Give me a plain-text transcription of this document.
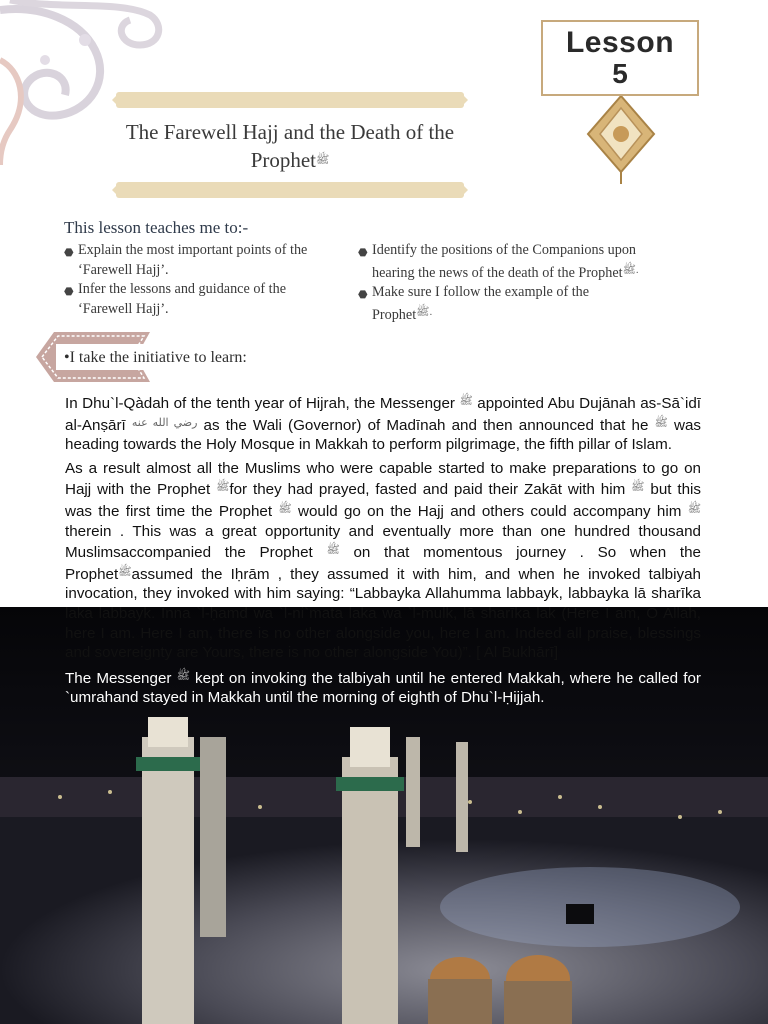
Lesson
5
The Farewell Hajj and the Death of the
Prophetﷺ
This lesson teaches me to:-
⬣ Explain the most important points of the
‘Farewell Hajj’.
⬣ Infer the lessons and guidance of the
‘Farewell Hajj’.
⬣ Identify the positions of the Companions upon
hearing the news of the death of the Prophet$^{ﷺ.}$
⬣ Make sure I follow the example of the
Prophet$^{ﷺ.}$
•I take the initiative to learn:

In Dhu`l-Qàdah of the tenth year of Hijrah, the Messenger $^ﷺ$ appointed Abu Dujānah as-Sā`idī al-Anṣārī $^{رضي الله عنه}$ as the Wali (Governor) of Madīnah and then announced that he $^ﷺ$ was heading towards the Holy Mosque in Makkah to perform pilgrimage, the fifth pillar of Islam.

As a result almost all the Muslims who were capable started to make preparations to go on Hajj with the Prophet $^ﷺ$for they had prayed, fasted and paid their Zakāt with him $^ﷺ$ but this was the first time the Prophet $^ﷺ$ would go on the Hajj and others could accompany him $^ﷺ$ therein . This was a great opportunity and eventually more than one hundred thousand Muslimsaccompanied the Prophet $^ﷺ$ on that momentous journey . So when the Prophet$^ﷺ$assumed the Iḥrām , they assumed it with him, and when he invoked talbiyah invocation, they invoked with him saying: “Labbayka Allahumma labbayk, labbayka lā sharīka laka labbayk. Inna `l-ḥamd wa `l-ni`mata laka wa `l-mulk, lā sharīka lak (Here I am, O Allah, here I am. Here I am, there is no other alongside you, here I am. Indeed all praise, blessings and sovereignty are Yours, there is no other alongside You)”. [ Al Bukhārī]

The Messenger $^ﷺ$ kept on invoking the talbiyah until he entered Makkah, where he called for `umrahand stayed in Makkah until the morning of eighth of Dhu`l-Ḥijjah.
